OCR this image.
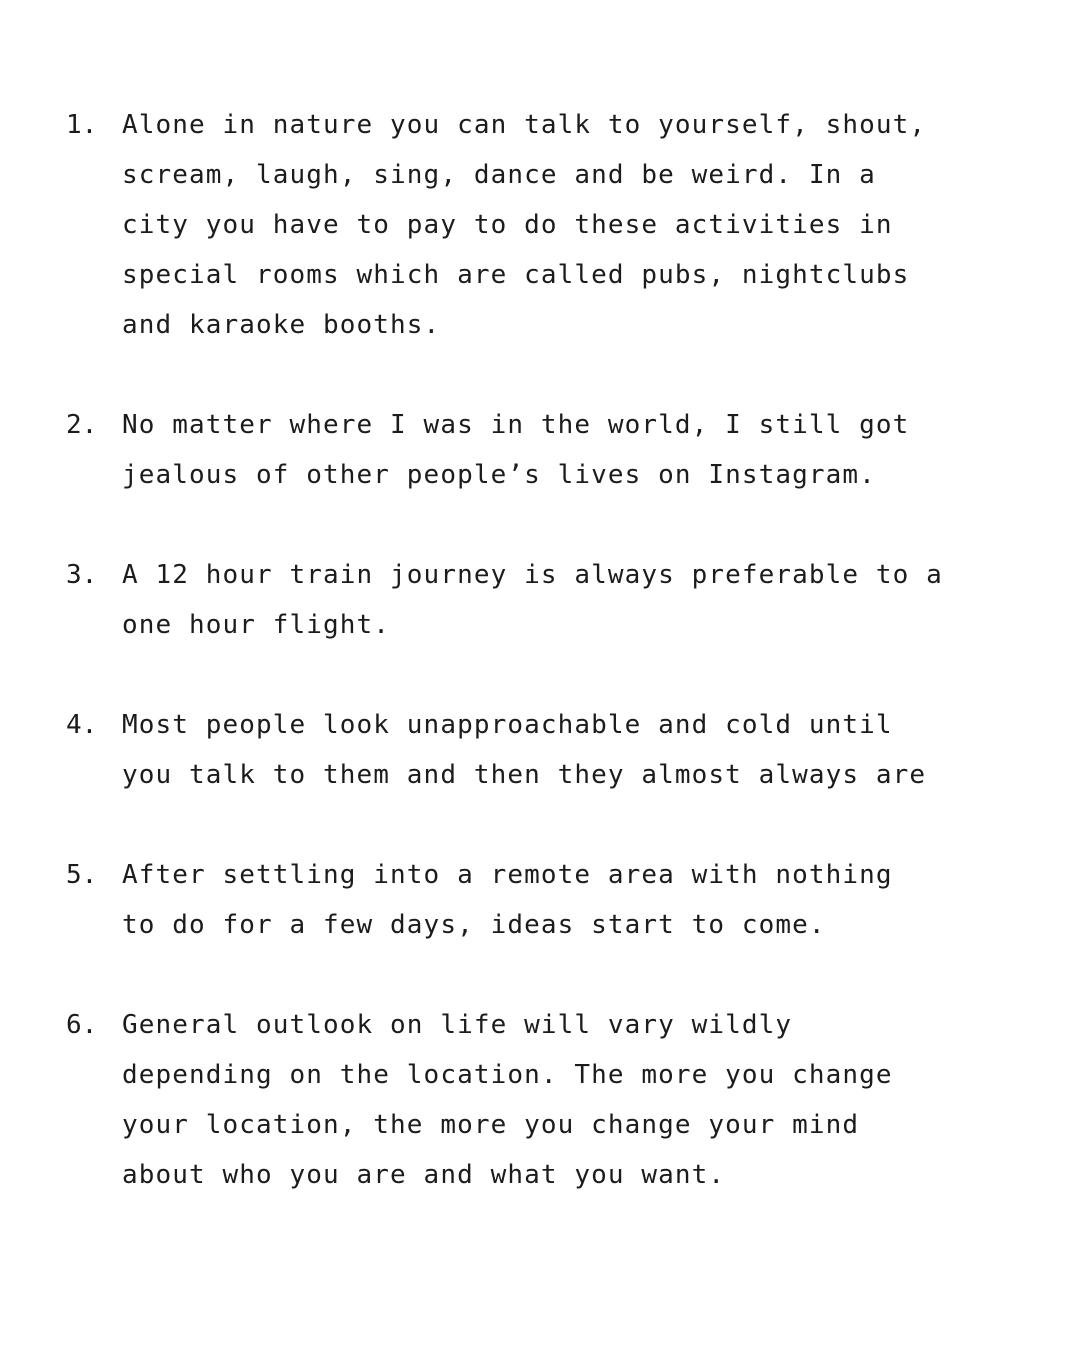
1. Alone in nature you can talk to yourself, shout,
scream, laugh, sing, dance and be weird. In a
city you have to pay to do these activities in
special rooms which are called pubs, nightclubs
and karaoke booths.
2. No matter where I was in the world, I still got
jealous of other people’s lives on Instagram.
3. A 12 hour train journey is always preferable to a
one hour flight.
4. Most people look unapproachable and cold until
you talk to them and then they almost always are
5. After settling into a remote area with nothing
to do for a few days, ideas start to come.
6. General outlook on life will vary wildly
depending on the location. The more you change
your location, the more you change your mind
about who you are and what you want.
